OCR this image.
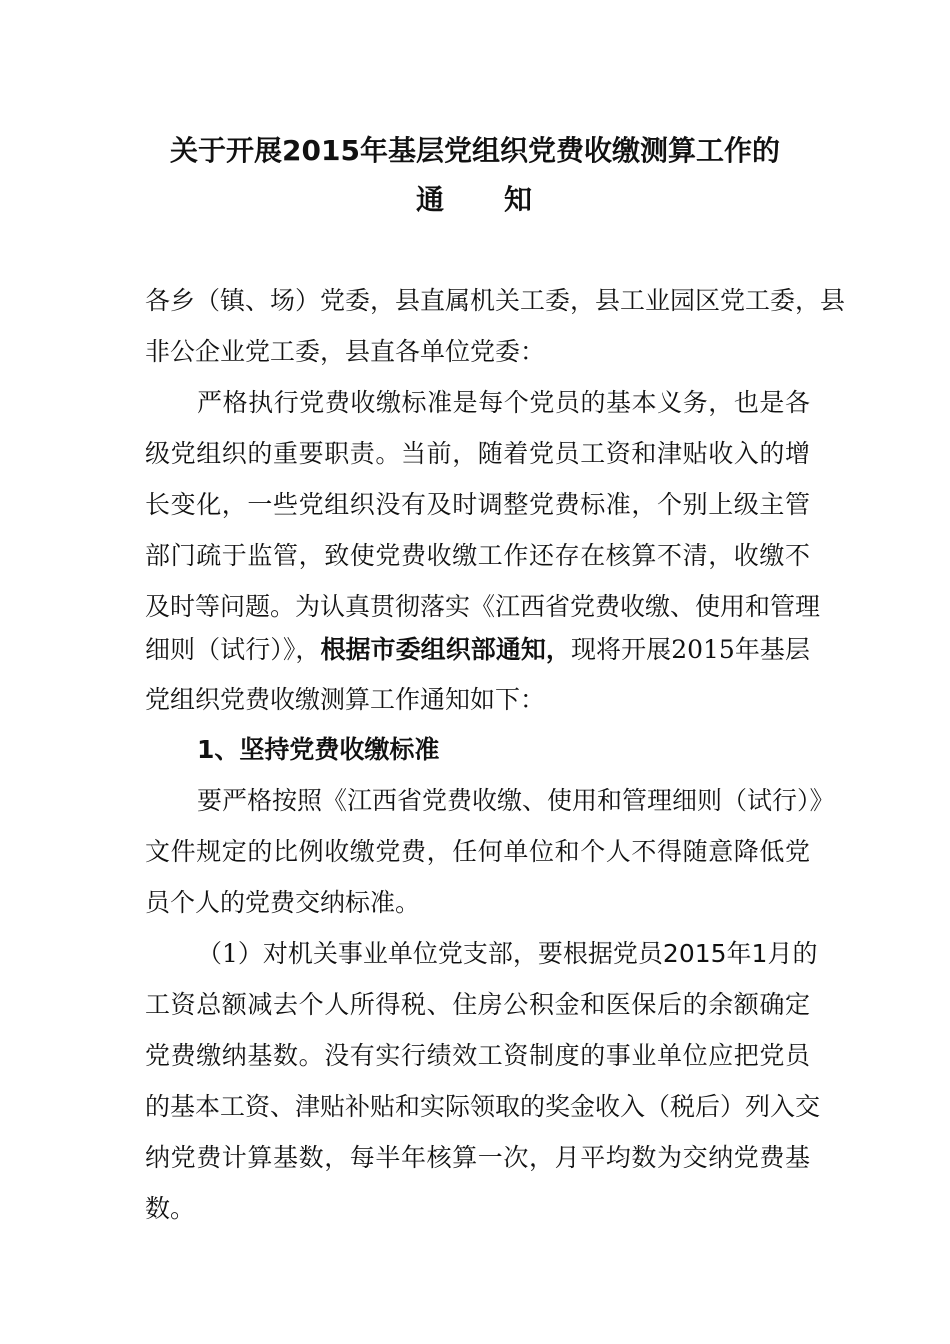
关于开展2015年基层党组织党费收缴测算工作的
通 知
各乡（镇、场）党委，县直属机关工委，县工业园区党工委，县
非公企业党工委，县直各单位党委：
严格执行党费收缴标准是每个党员的基本义务，也是各
级党组织的重要职责。当前，随着党员工资和津贴收入的增
长变化，一些党组织没有及时调整党费标准，个别上级主管
部门疏于监管，致使党费收缴工作还存在核算不清，收缴不
及时等问题。为认真贯彻落实《江西省党费收缴、使用和管理
细则（试行）》，根据市委组织部通知，现将开展2015年基层
党组织党费收缴测算工作通知如下：
1、坚持党费收缴标准
要严格按照《江西省党费收缴、使用和管理细则（试行）》
文件规定的比例收缴党费，任何单位和个人不得随意降低党
员个人的党费交纳标准。
（1）对机关事业单位党支部，要根据党员2015年1月的
工资总额减去个人所得税、住房公积金和医保后的余额确定
党费缴纳基数。没有实行绩效工资制度的事业单位应把党员
的基本工资、津贴补贴和实际领取的奖金收入（税后）列入交
纳党费计算基数，每半年核算一次，月平均数为交纳党费基
数。
